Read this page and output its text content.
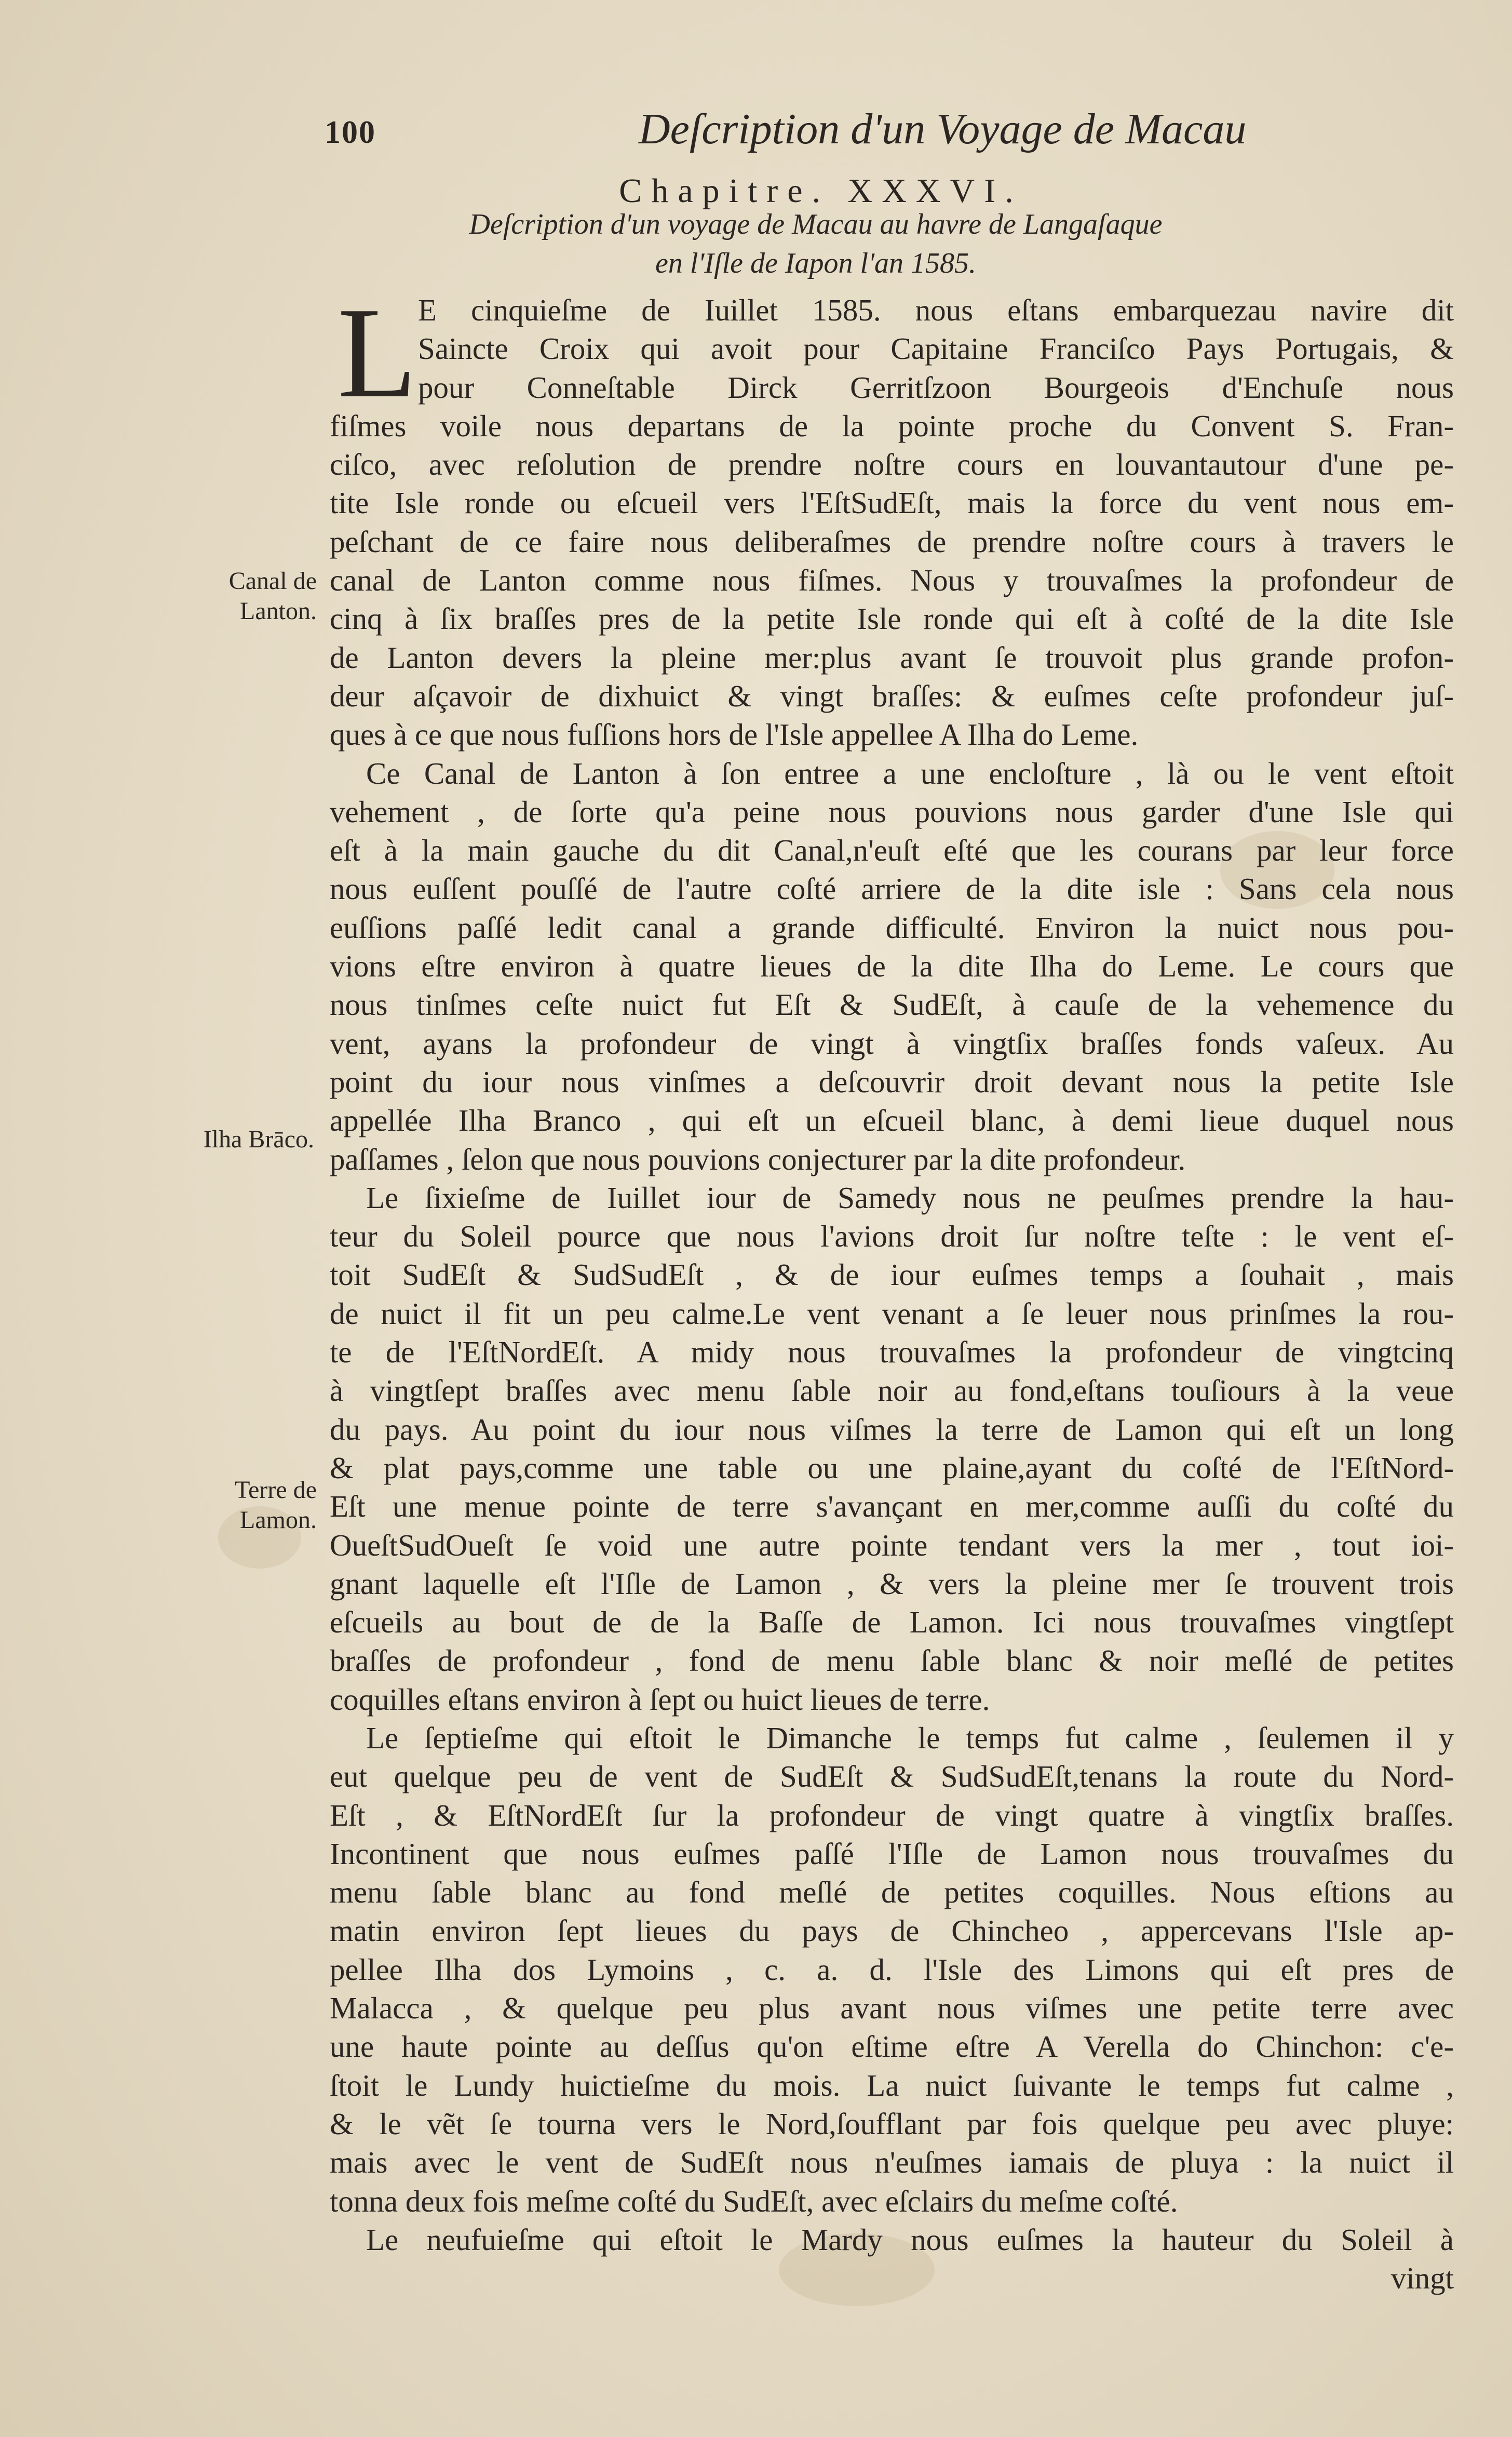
100	Deſcription d'un Voyage de Macau
Chapitre. XXXVI.
Deſcription d'un voyage de Macau au havre de Langaſaque
en l'Iſle de Iapon l'an 1585.
L
Canal de
Lanton.
Ilha Brāco.
Terre de
Lamon.
E cinquieſme de Iuillet 1585. nous eſtans embarquezau navire dit
Saincte Croix qui avoit pour Capitaine Franciſco Pays Portugais, &
pour Conneſtable Dirck Gerritſzoon Bourgeois d'Enchuſe nous
fiſmes voile nous departans de la pointe proche du Convent S. Fran-
ciſco, avec reſolution de prendre noſtre cours en louvantautour d'une pe-
tite Isle ronde ou eſcueil vers l'EſtSudEſt, mais la force du vent nous em-
peſchant de ce faire nous deliberaſmes de prendre noſtre cours à travers le
canal de Lanton comme nous fiſmes. Nous y trouvaſmes la profondeur de
cinq à ſix braſſes pres de la petite Isle ronde qui eſt à coſté de la dite Isle
de Lanton devers la pleine mer:plus avant ſe trouvoit plus grande profon-
deur aſçavoir de dixhuict & vingt braſſes: & euſmes ceſte profondeur juſ-
ques à ce que nous fuſſions hors de l'Isle appellee A Ilha do Leme.
Ce Canal de Lanton à ſon entree a une encloſture , là ou le vent eſtoit
vehement , de ſorte qu'a peine nous pouvions nous garder d'une Isle qui
eſt à la main gauche du dit Canal,n'euſt eſté que les courans par leur force
nous euſſent pouſſé de l'autre coſté arriere de la dite isle : Sans cela nous
euſſions paſſé ledit canal a grande difficulté. Environ la nuict nous pou-
vions eſtre environ à quatre lieues de la dite Ilha do Leme. Le cours que
nous tinſmes ceſte nuict fut Eſt & SudEſt, à cauſe de la vehemence du
vent, ayans la profondeur de vingt à vingtſix braſſes fonds vaſeux. Au
point du iour nous vinſmes a deſcouvrir droit devant nous la petite Isle
appellée Ilha Branco , qui eſt un eſcueil blanc, à demi lieue duquel nous
paſſames , ſelon que nous pouvions conjecturer par la dite profondeur.
Le ſixieſme de Iuillet iour de Samedy nous ne peuſmes prendre la hau-
teur du Soleil pource que nous l'avions droit ſur noſtre teſte : le vent eſ-
toit SudEſt & SudSudEſt , & de iour euſmes temps a ſouhait , mais
de nuict il fit un peu calme.Le vent venant a ſe leuer nous prinſmes la rou-
te de l'EſtNordEſt. A midy nous trouvaſmes la profondeur de vingtcinq
à vingtſept braſſes avec menu ſable noir au fond,eſtans touſiours à la veue
du pays. Au point du iour nous viſmes la terre de Lamon qui eſt un long
& plat pays,comme une table ou une plaine,ayant du coſté de l'EſtNord-
Eſt une menue pointe de terre s'avançant en mer,comme auſſi du coſté du
OueſtSudOueſt ſe void une autre pointe tendant vers la mer , tout ioi-
gnant laquelle eſt l'Iſle de Lamon , & vers la pleine mer ſe trouvent trois
eſcueils au bout de de la Baſſe de Lamon. Ici nous trouvaſmes vingtſept
braſſes de profondeur , fond de menu ſable blanc & noir meſlé de petites
coquilles eſtans environ à ſept ou huict lieues de terre.
Le ſeptieſme qui eſtoit le Dimanche le temps fut calme , ſeulemen il y
eut quelque peu de vent de SudEſt & SudSudEſt,tenans la route du Nord-
Eſt , & EſtNordEſt ſur la profondeur de vingt quatre à vingtſix braſſes.
Incontinent que nous euſmes paſſé l'Iſle de Lamon nous trouvaſmes du
menu ſable blanc au fond meſlé de petites coquilles. Nous eſtions au
matin environ ſept lieues du pays de Chincheo , appercevans l'Isle ap-
pellee Ilha dos Lymoins , c. a. d. l'Isle des Limons qui eſt pres de
Malacca , & quelque peu plus avant nous viſmes une petite terre avec
une haute pointe au deſſus qu'on eſtime eſtre A Verella do Chinchon: c'e-
ſtoit le Lundy huictieſme du mois. La nuict ſuivante le temps fut calme ,
& le vẽt ſe tourna vers le Nord,ſoufflant par fois quelque peu avec pluye:
mais avec le vent de SudEſt nous n'euſmes iamais de pluya : la nuict il
tonna deux fois meſme coſté du SudEſt, avec eſclairs du meſme coſté.
Le neufuieſme qui eſtoit le Mardy nous euſmes la hauteur du Soleil à
vingt
